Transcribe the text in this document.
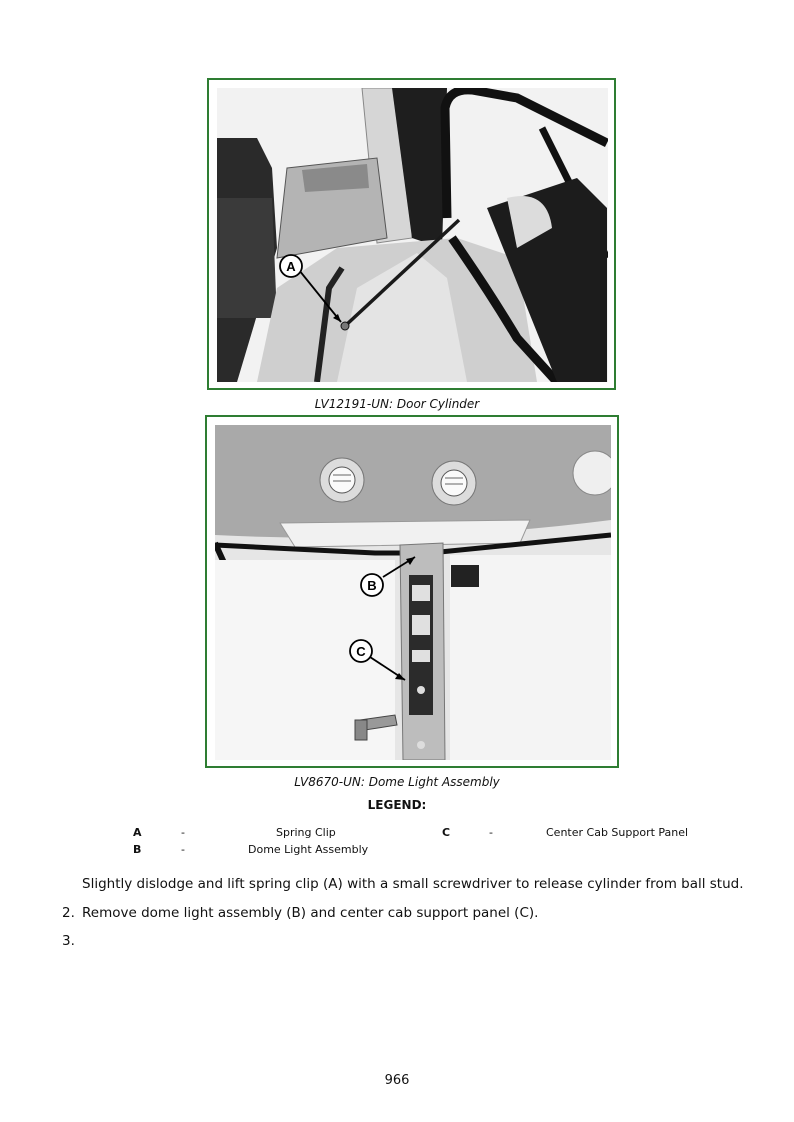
A
LV12191-UN: Door Cylinder
B
C
LV8670-UN: Dome Light Assembly
LEGEND:
A	-	Spring Clip
B	-	Dome Light Assembly
C	-	Center Cab Support Panel
Slightly dislodge and lift spring clip (A) with a small screwdriver to release cylinder from ball stud.
2. Remove dome light assembly (B) and center cab support panel (C).
3.
966
